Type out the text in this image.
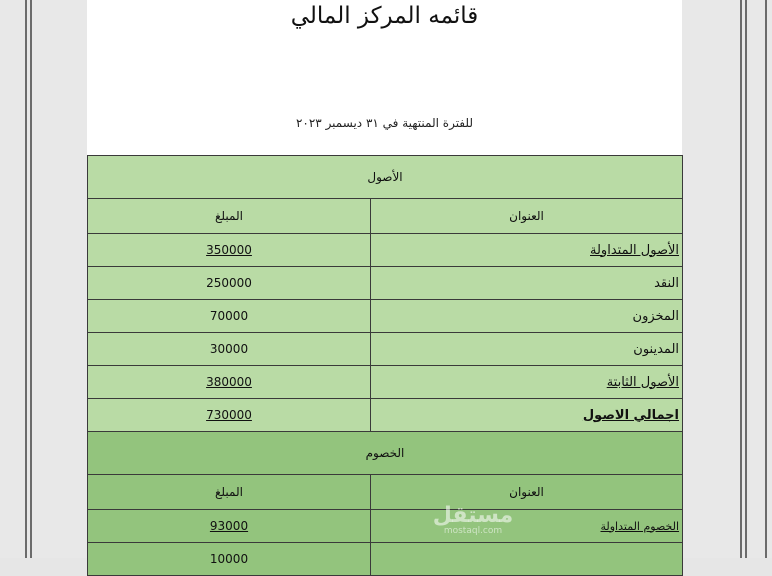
قائمه المركز المالي
للفترة المنتهية في ٣١ ديسمبر ٢٠٢٣
الأصول	
العنوان	المبلغ
الأصول المتداولة	350000
النقد	250000
المخزون	70000
المدينون	30000
الأصول الثابتة	380000
اجمالي الاصول	730000
الخصوم	
العنوان	المبلغ
الخصوم المتداولة	93000
	10000
مستقل
mostaql.com
